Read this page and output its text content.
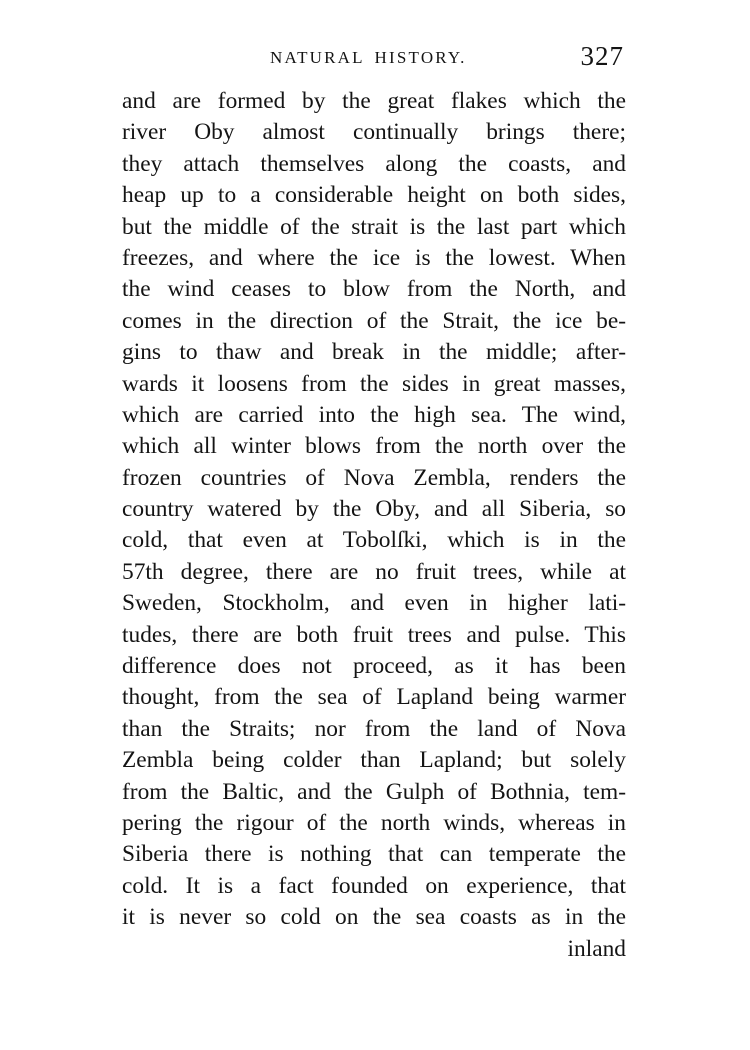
NATURAL HISTORY.	327
and are formed by the great flakes which the
river Oby almost continually brings there;
they attach themselves along the coasts, and
heap up to a considerable height on both sides,
but the middle of the strait is the last part which
freezes, and where the ice is the lowest. When
the wind ceases to blow from the North, and
comes in the direction of the Strait, the ice be-
gins to thaw and break in the middle; after-
wards it loosens from the sides in great masses,
which are carried into the high sea. The wind,
which all winter blows from the north over the
frozen countries of Nova Zembla, renders the
country watered by the Oby, and all Siberia, so
cold, that even at Tobolſki, which is in the
57th degree, there are no fruit trees, while at
Sweden, Stockholm, and even in higher lati-
tudes, there are both fruit trees and pulse. This
difference does not proceed, as it has been
thought, from the sea of Lapland being warmer
than the Straits; nor from the land of Nova
Zembla being colder than Lapland; but solely
from the Baltic, and the Gulph of Bothnia, tem-
pering the rigour of the north winds, whereas in
Siberia there is nothing that can temperate the
cold. It is a fact founded on experience, that
it is never so cold on the sea coasts as in the
inland
